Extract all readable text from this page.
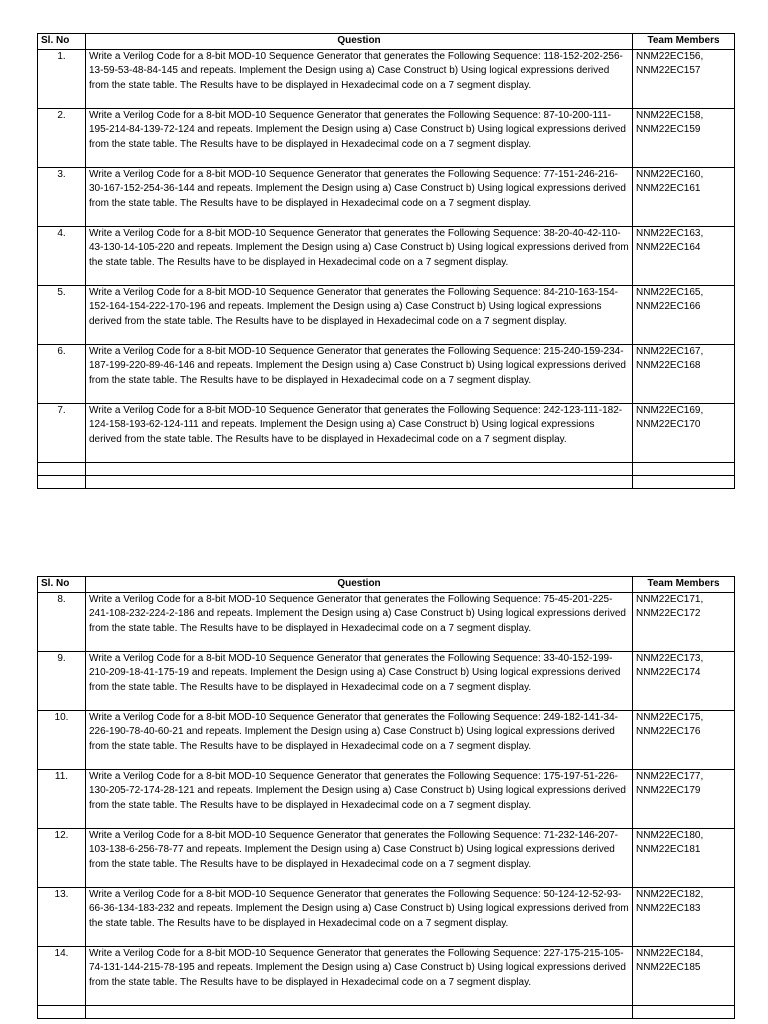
Sl. No	Question	Team Members
1.	Write a Verilog Code for a 8-bit MOD-10 Sequence Generator that generates the Following Sequence: 118-152-202-256-13-59-53-48-84-145 and repeats. Implement the Design using a) Case Construct b) Using logical expressions derived from the state table. The Results have to be displayed in Hexadecimal code on a 7 segment display.	NNM22EC156, NNM22EC157
2.	Write a Verilog Code for a 8-bit MOD-10 Sequence Generator that generates the Following Sequence: 87-10-200-111-195-214-84-139-72-124 and repeats. Implement the Design using a) Case Construct b) Using logical expressions derived from the state table. The Results have to be displayed in Hexadecimal code on a 7 segment display.	NNM22EC158, NNM22EC159
3.	Write a Verilog Code for a 8-bit MOD-10 Sequence Generator that generates the Following Sequence: 77-151-246-216-30-167-152-254-36-144 and repeats. Implement the Design using a) Case Construct b) Using logical expressions derived from the state table. The Results have to be displayed in Hexadecimal code on a 7 segment display.	NNM22EC160, NNM22EC161
4.	Write a Verilog Code for a 8-bit MOD-10 Sequence Generator that generates the Following Sequence: 38-20-40-42-110-43-130-14-105-220 and repeats. Implement the Design using a) Case Construct b) Using logical expressions derived from the state table. The Results have to be displayed in Hexadecimal code on a 7 segment display.	NNM22EC163, NNM22EC164
5.	Write a Verilog Code for a 8-bit MOD-10 Sequence Generator that generates the Following Sequence: 84-210-163-154-152-164-154-222-170-196 and repeats. Implement the Design using a) Case Construct b) Using logical expressions derived from the state table. The Results have to be displayed in Hexadecimal code on a 7 segment display.	NNM22EC165, NNM22EC166
6.	Write a Verilog Code for a 8-bit MOD-10 Sequence Generator that generates the Following Sequence: 215-240-159-234-187-199-220-89-46-146 and repeats. Implement the Design using a) Case Construct b) Using logical expressions derived from the state table. The Results have to be displayed in Hexadecimal code on a 7 segment display.	NNM22EC167, NNM22EC168
7.	Write a Verilog Code for a 8-bit MOD-10 Sequence Generator that generates the Following Sequence: 242-123-111-182-124-158-193-62-124-111 and repeats. Implement the Design using a) Case Construct b) Using logical expressions derived from the state table. The Results have to be displayed in Hexadecimal code on a 7 segment display.	NNM22EC169, NNM22EC170

Sl. No	Question	Team Members
8.	Write a Verilog Code for a 8-bit MOD-10 Sequence Generator that generates the Following Sequence: 75-45-201-225-241-108-232-224-2-186 and repeats. Implement the Design using a) Case Construct b) Using logical expressions derived from the state table. The Results have to be displayed in Hexadecimal code on a 7 segment display.	NNM22EC171, NNM22EC172
9.	Write a Verilog Code for a 8-bit MOD-10 Sequence Generator that generates the Following Sequence: 33-40-152-199-210-209-18-41-175-19 and repeats. Implement the Design using a) Case Construct b) Using logical expressions derived from the state table. The Results have to be displayed in Hexadecimal code on a 7 segment display.	NNM22EC173, NNM22EC174
10.	Write a Verilog Code for a 8-bit MOD-10 Sequence Generator that generates the Following Sequence: 249-182-141-34-226-190-78-40-60-21 and repeats. Implement the Design using a) Case Construct b) Using logical expressions derived from the state table. The Results have to be displayed in Hexadecimal code on a 7 segment display.	NNM22EC175, NNM22EC176
11.	Write a Verilog Code for a 8-bit MOD-10 Sequence Generator that generates the Following Sequence: 175-197-51-226-130-205-72-174-28-121 and repeats. Implement the Design using a) Case Construct b) Using logical expressions derived from the state table. The Results have to be displayed in Hexadecimal code on a 7 segment display.	NNM22EC177, NNM22EC179
12.	Write a Verilog Code for a 8-bit MOD-10 Sequence Generator that generates the Following Sequence: 71-232-146-207-103-138-6-256-78-77 and repeats. Implement the Design using a) Case Construct b) Using logical expressions derived from the state table. The Results have to be displayed in Hexadecimal code on a 7 segment display.	NNM22EC180, NNM22EC181
13.	Write a Verilog Code for a 8-bit MOD-10 Sequence Generator that generates the Following Sequence: 50-124-12-52-93-66-36-134-183-232 and repeats. Implement the Design using a) Case Construct b) Using logical expressions derived from the state table. The Results have to be displayed in Hexadecimal code on a 7 segment display.	NNM22EC182, NNM22EC183
14.	Write a Verilog Code for a 8-bit MOD-10 Sequence Generator that generates the Following Sequence: 227-175-215-105-74-131-144-215-78-195 and repeats. Implement the Design using a) Case Construct b) Using logical expressions derived from the state table. The Results have to be displayed in Hexadecimal code on a 7 segment display.	NNM22EC184, NNM22EC185
